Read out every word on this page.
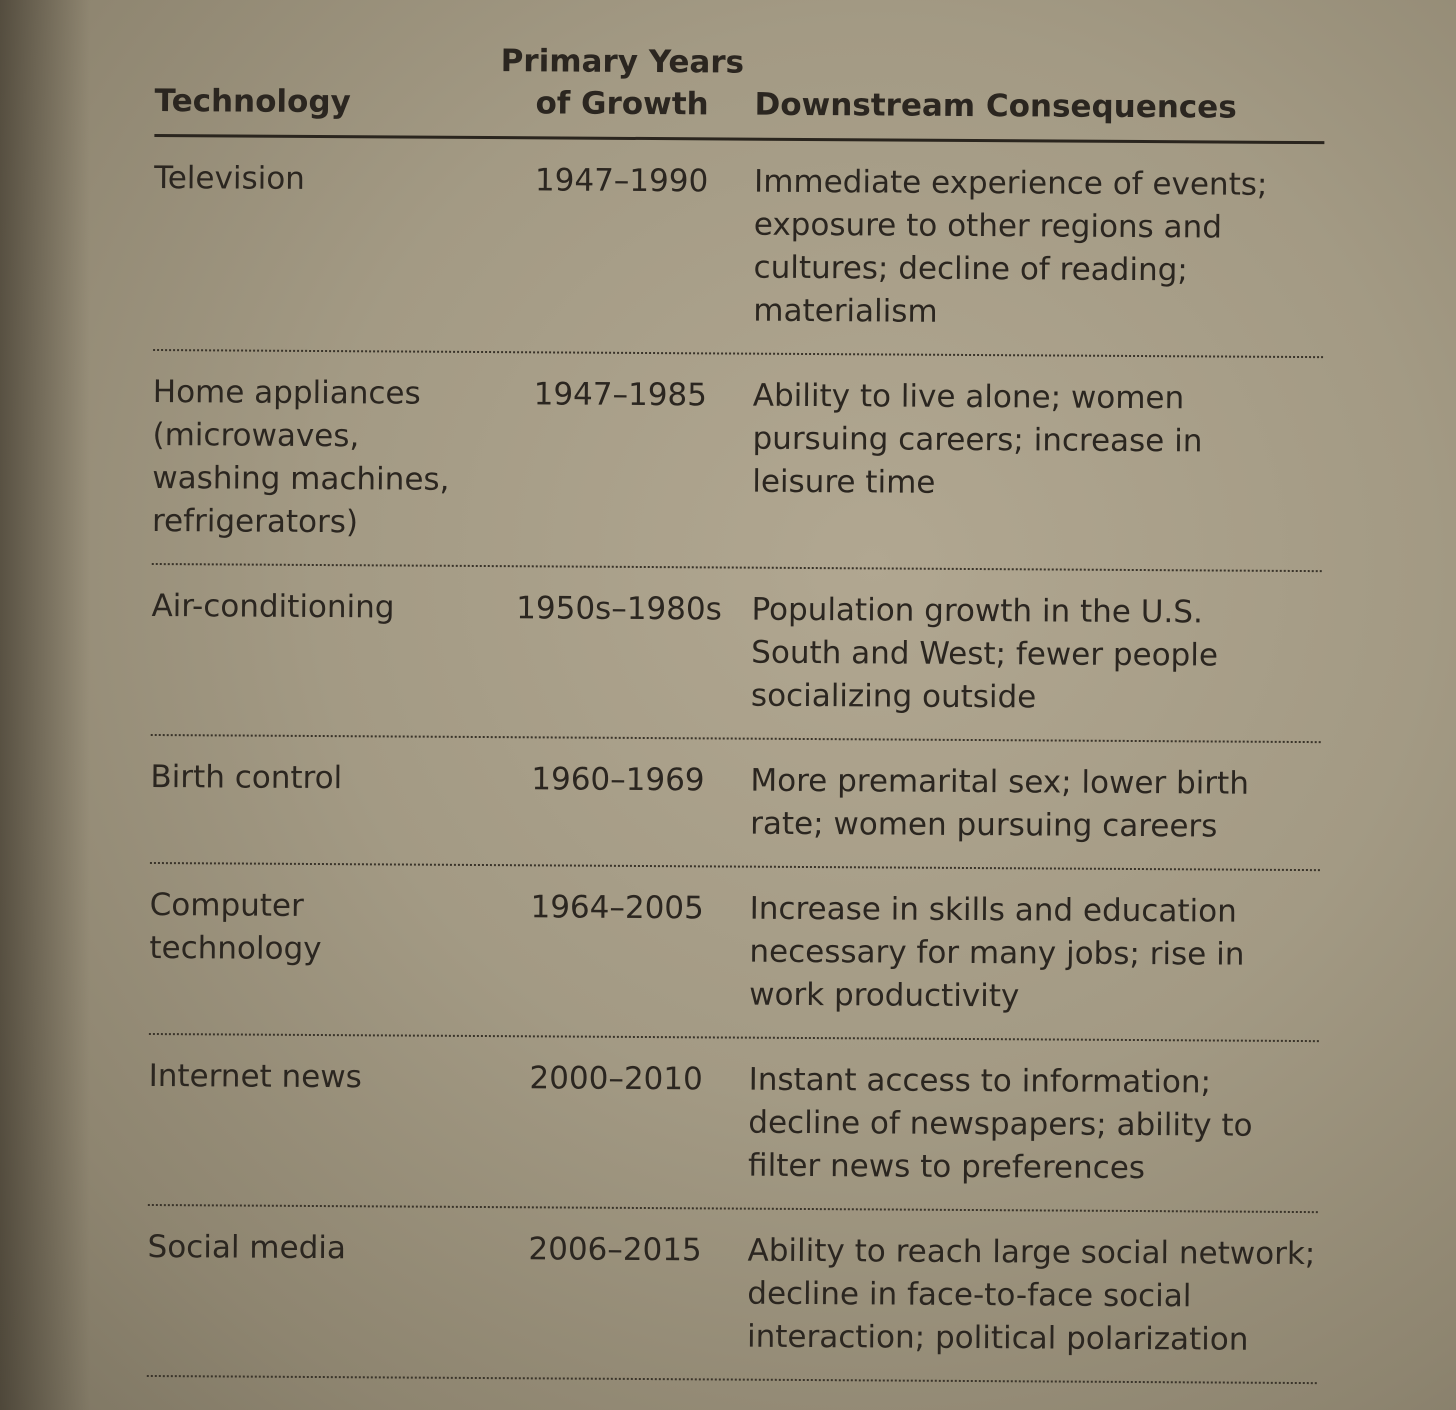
Technology
Primary Years
of Growth	Downstream Consequences
Television	1947–1990	Immediate experience of events;
exposure to other regions and
cultures; decline of reading;
materialism
Home appliances
(microwaves,
washing machines,
refrigerators)
1947–1985	Ability to live alone; women
pursuing careers; increase in
leisure time
Air-conditioning	1950s–1980s Population growth in the U.S.
South and West; fewer people
socializing outside
Birth control	1960–1969	More premarital sex; lower birth
rate; women pursuing careers
Computer
technology
1964–2005	Increase in skills and education
necessary for many jobs; rise in
work productivity
Internet news	2000–2010	Instant access to information;
decline of newspapers; ability to
filter news to preferences
Social media	2006–2015	Ability to reach large social network;
decline in face-to-face social
interaction; political polarization
